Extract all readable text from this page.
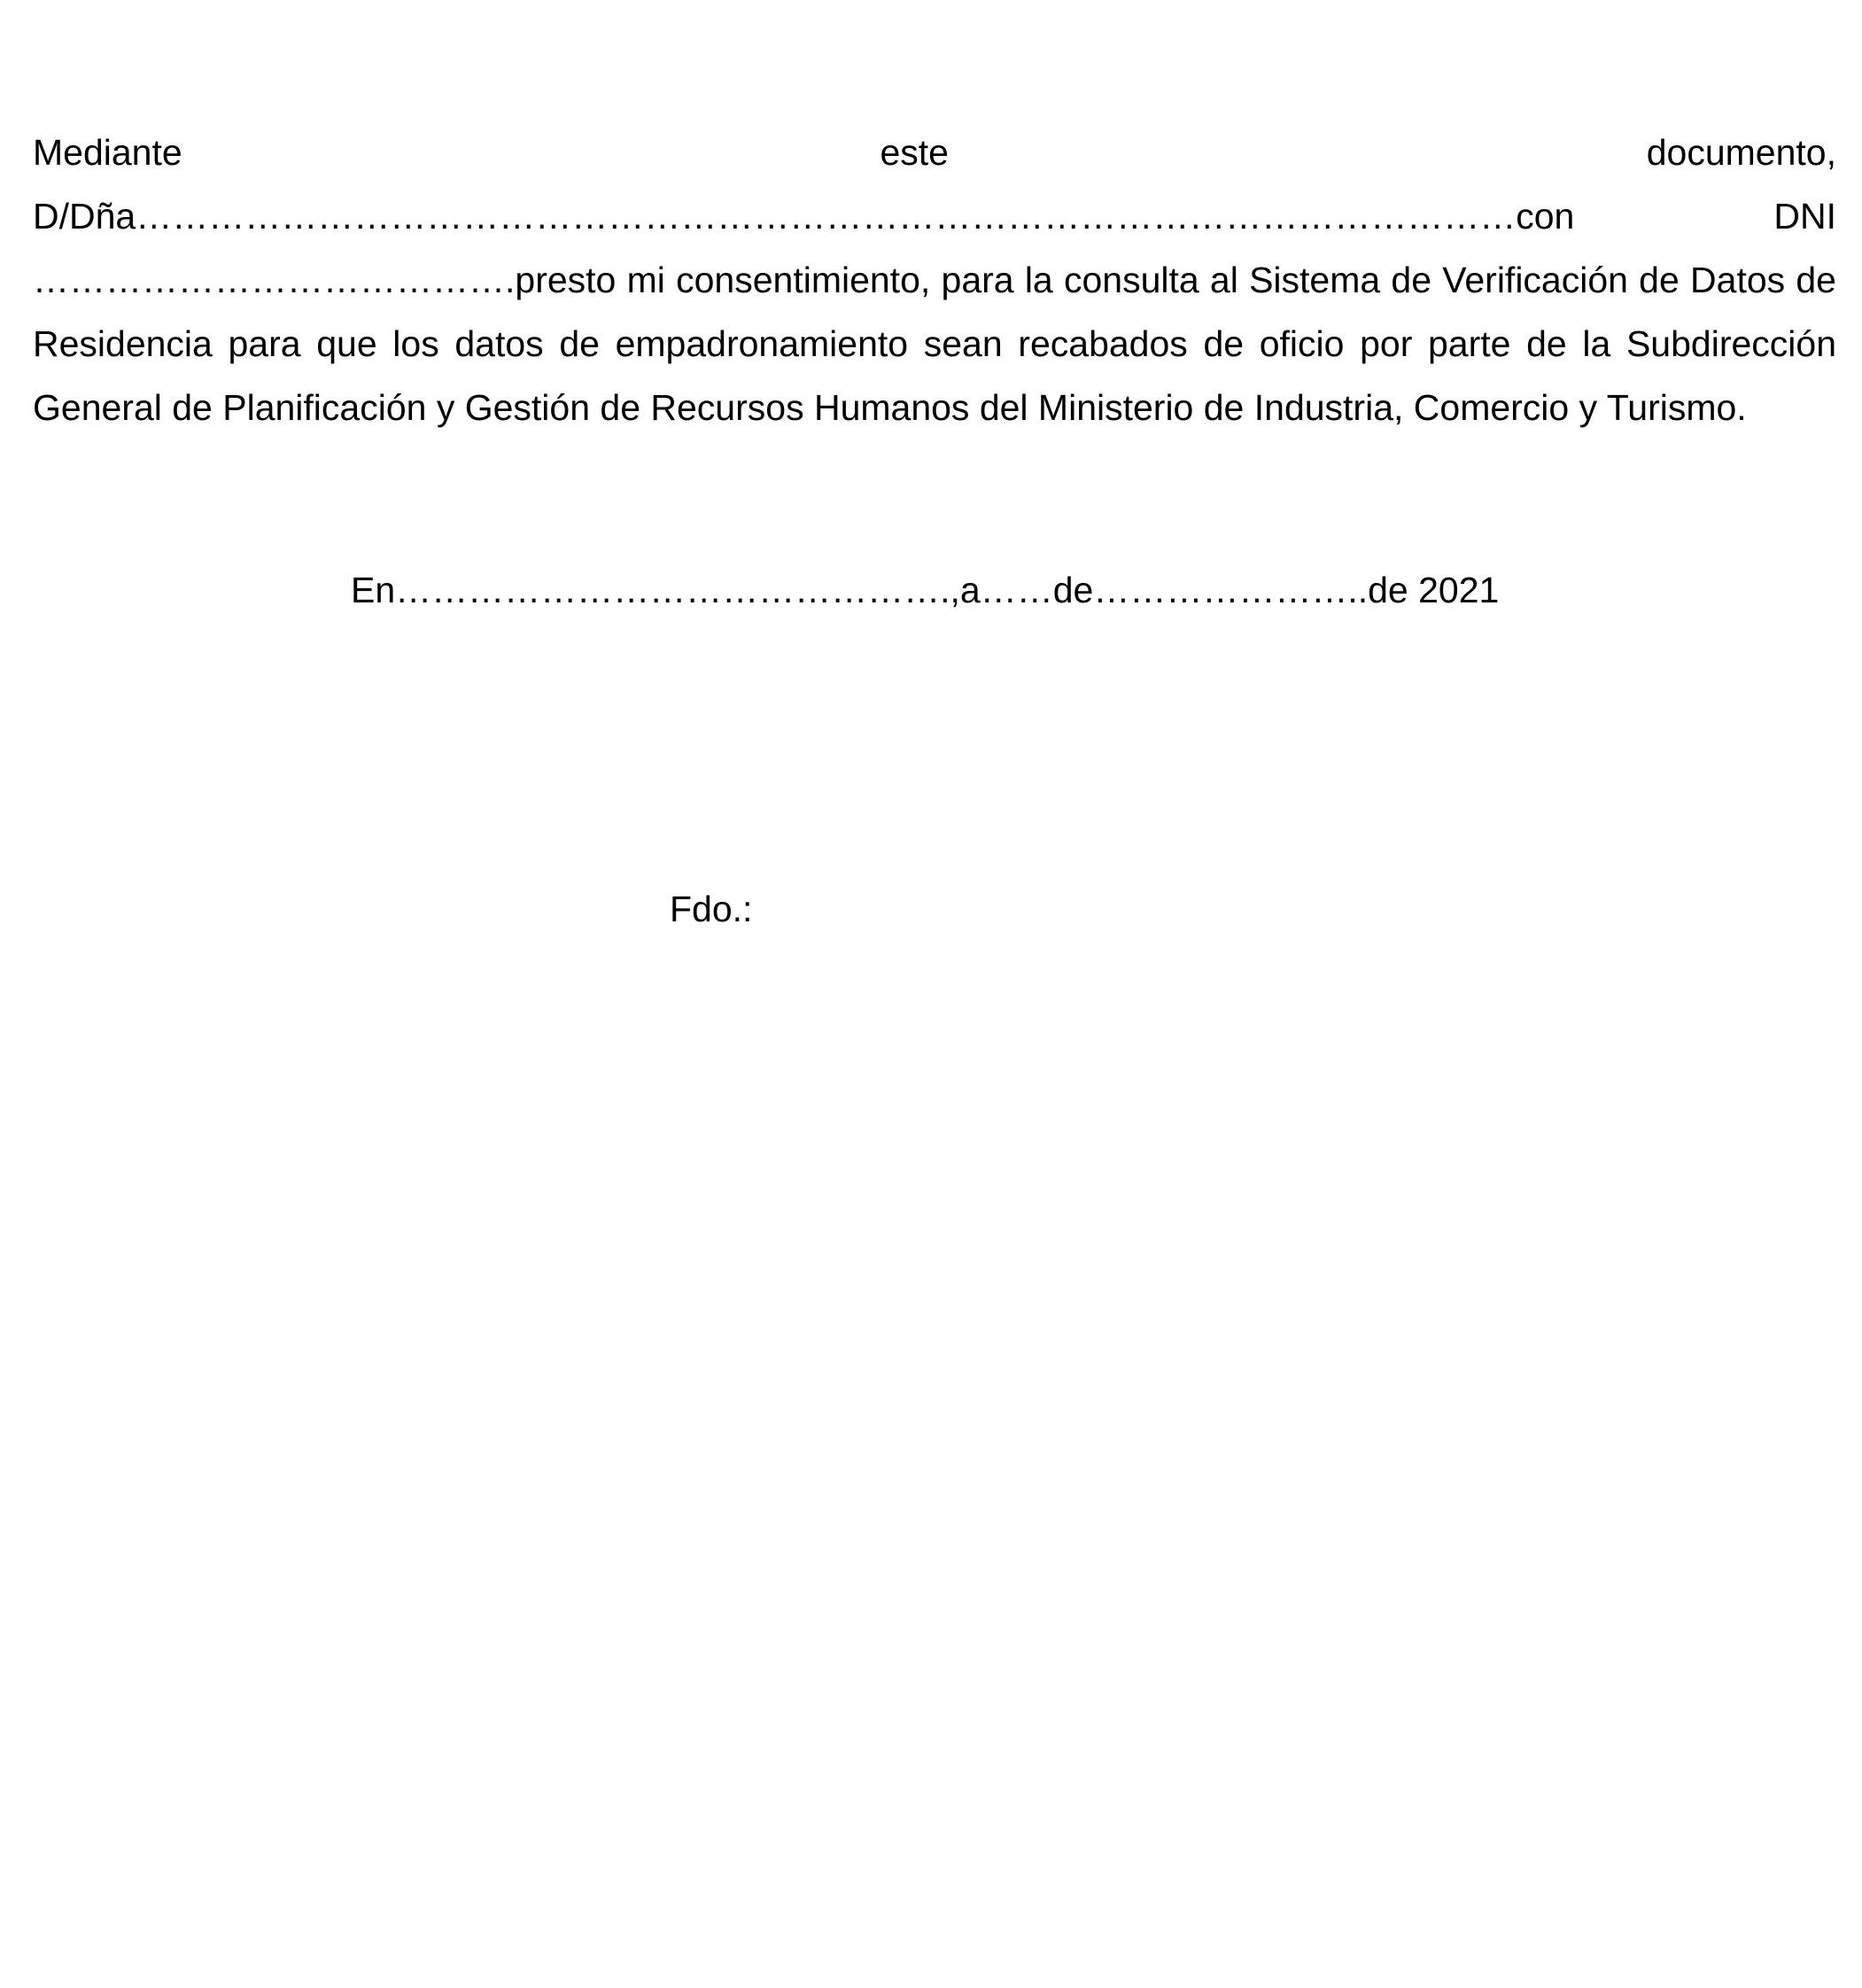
Mediante este documento, D/Dña……………………………………………………………………………………………………con	DNI ………………………………….presto mi consentimiento, para la consulta al Sistema de Verificación de Datos de Residencia para que los datos de empadronamiento sean recabados de oficio por parte de la Subdirección General de Planificación y Gestión de Recursos Humanos del Ministerio de Industria, Comercio y Turismo.

En……………………………………….,a……de…………………..de 2021

Fdo.:
